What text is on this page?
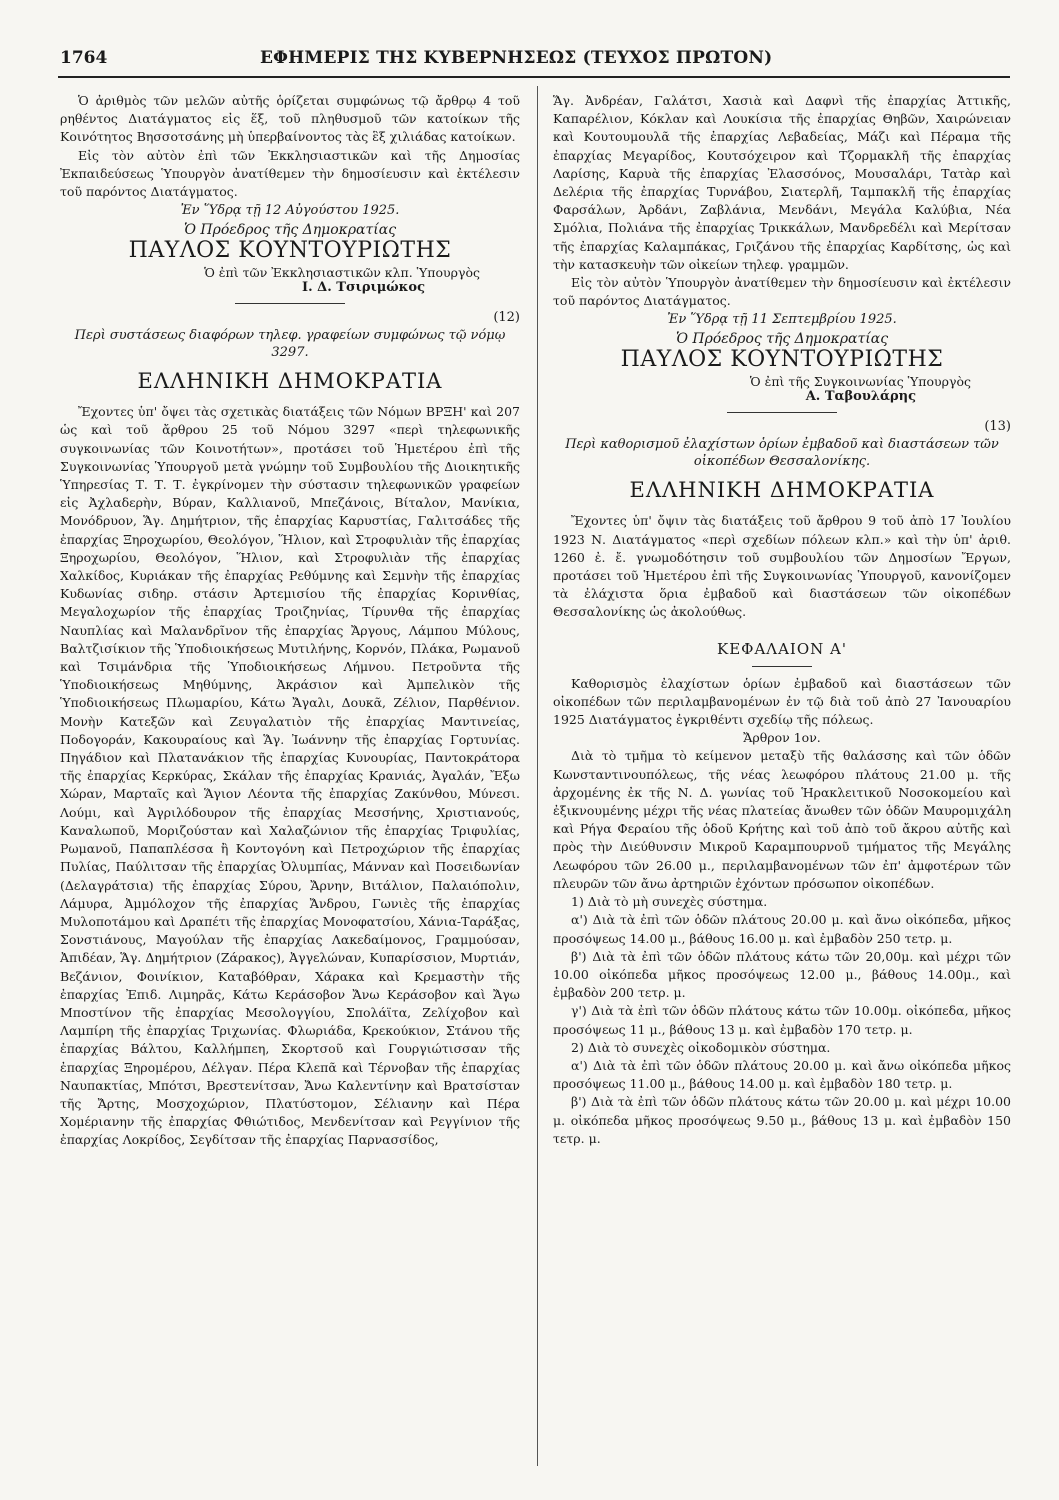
1764	ΕΦΗΜΕΡΙΣ ΤΗΣ ΚΥΒΕΡΝΗΣΕΩΣ (ΤΕΥΧΟΣ ΠΡΩΤΟΝ)

Ὁ ἀριθμὸς τῶν μελῶν αὐτῆς ὁρίζεται συμφώνως τῷ ἄρθρῳ 4 τοῦ ρηθέντος Διατάγματος εἰς ἕξ, τοῦ πληθυσμοῦ τῶν κατοίκων τῆς Κοινότητος Βησσοτσάνης μὴ ὑπερβαίνοντος τὰς ἓξ χιλιάδας κατοίκων.

Εἰς τὸν αὐτὸν ἐπὶ τῶν Ἐκκλησιαστικῶν καὶ τῆς Δημοσίας Ἐκπαιδεύσεως Ὑπουργὸν ἀνατίθεμεν τὴν δημοσίευσιν καὶ ἐκτέλεσιν τοῦ παρόντος Διατάγματος.

Ἐν Ὕδρᾳ τῇ 12 Αὐγούστου 1925.
Ὁ Πρόεδρος τῆς Δημοκρατίας
ΠΑΥΛΟΣ ΚΟΥΝΤΟΥΡΙΩΤΗΣ
Ὁ ἐπὶ τῶν Ἐκκλησιαστικῶν κλπ. Ὑπουργὸς
Ι. Δ. Τσιριμώκος
(12)
Περὶ συστάσεως διαφόρων τηλεφ. γραφείων συμφώνως τῷ νόμῳ 3297.
ΕΛΛΗΝΙΚΗ ΔΗΜΟΚΡΑΤΙΑ

Ἔχοντες ὑπ' ὄψει τὰς σχετικὰς διατάξεις τῶν Νόμων ΒΡΞΗ' καὶ 207 ὡς καὶ τοῦ ἄρθρου 25 τοῦ Νόμου 3297 «περὶ τηλεφωνικῆς συγκοινωνίας τῶν Κοινοτήτων», προτάσει τοῦ Ἡμετέρου ἐπὶ τῆς Συγκοινωνίας Ὑπουργοῦ μετὰ γνώμην τοῦ Συμβουλίου τῆς Διοικητικῆς Ὑπηρεσίας Τ. Τ. Τ. ἐγκρίνομεν τὴν σύστασιν τηλεφωνικῶν γραφείων εἰς Ἀχλαδερὴν, Βύραν, Καλλιανοῦ, Μπεζάνοις, Βίταλον, Μανίκια, Μονόδρυον, Ἅγ. Δημήτριον, τῆς ἐπαρχίας Καρυστίας, Γαλιτσάδες τῆς ἐπαρχίας Ξηροχωρίου, Θεολόγον, Ἥλιον, καὶ Στροφυλιὰν τῆς ἐπαρχίας Ξηροχωρίου, Θεολόγον, Ἥλιον, καὶ Στροφυλιὰν τῆς ἐπαρχίας Χαλκίδος, Κυριάκαν τῆς ἐπαρχίας Ρεθύμνης καὶ Σεμνὴν τῆς ἐπαρχίας Κυδωνίας σιδηρ. στάσιν Ἀρτεμισίου τῆς ἐπαρχίας Κορινθίας, Μεγαλοχωρίον τῆς ἐπαρχίας Τροιζηνίας, Τίρυνθα τῆς ἐπαρχίας Ναυπλίας καὶ Μαλανδρῖνον τῆς ἐπαρχίας Ἄργους, Λάμπου Μύλους, Βαλτζισίκιον τῆς Ὑποδιοικήσεως Μυτιλήνης, Κορνόν, Πλάκα, Ρωμανοῦ καὶ Τσιμάνδρια τῆς Ὑποδιοικήσεως Λήμνου. Πετροῦντα τῆς Ὑποδιοικήσεως Μηθύμνης, Ἀκράσιον καὶ Ἀμπελικὸν τῆς Ὑποδιοικήσεως Πλωμαρίου, Κάτω Ἄγαλι, Δουκᾶ, Ζέλιον, Παρθένιον. Μονὴν Κατεξῶν καὶ Ζευγαλατιὸν τῆς ἐπαρχίας Μαντινείας, Ποδογοράν, Κακουραίους καὶ Ἅγ. Ἰωάννην τῆς ἐπαρχίας Γορτυνίας. Πηγάδιον καὶ Πλατανάκιον τῆς ἐπαρχίας Κυνουρίας, Παντοκράτορα τῆς ἐπαρχίας Κερκύρας, Σκάλαν τῆς ἐπαρχίας Κρανιάς, Ἀγαλάν, Ἔξω Χώραν, Μαρταῖς καὶ Ἅγιον Λέοντα τῆς ἐπαρχίας Ζακύνθου, Μύνεσι. Λούμι, καὶ Ἀγριλόδουρον τῆς ἐπαρχίας Μεσσήνης, Χριστιανούς, Καναλωποῦ, Μοριζούσταν καὶ Χαλαζώνιον τῆς ἐπαρχίας Τριφυλίας, Ρωμανοῦ, Παπαπλέσσα ἢ Κοντογόνη καὶ Πετροχώριον τῆς ἐπαρχίας Πυλίας, Παύλιτσαν τῆς ἐπαρχίας Ὀλυμπίας, Μάνναν καὶ Ποσειδωνίαν (Δελαγράτσια) τῆς ἐπαρχίας Σύρου, Ἄρνην, Βιτάλιον, Παλαιόπολιν, Λάμυρα, Ἀμμόλοχον τῆς ἐπαρχίας Ἄνδρου, Γωνιὲς τῆς ἐπαρχίας Μυλοποτάμου καὶ Δραπέτι τῆς ἐπαρχίας Μονοφατσίου, Χάνια-Ταράξας, Σονστιάνους, Μαγούλαν τῆς ἐπαρχίας Λακεδαίμονος, Γραμμούσαν, Ἀπιδέαν, Ἅγ. Δημήτριον (Ζάρακος), Ἀγγελώναν, Κυπαρίσσιον, Μυρτιάν, Βεζάνιον, Φοινίκιον, Καταβόθραν, Χάρακα καὶ Κρεμαστὴν τῆς ἐπαρχίας Ἐπιδ. Λιμηρᾶς, Κάτω Κεράσοβον Ἄνω Κεράσοβον καὶ Ἄγω Μποστίνον τῆς ἐπαρχίας Μεσολογγίου, Σπολάϊτα, Ζελίχοβον καὶ Λαμπίρη τῆς ἐπαρχίας Τριχωνίας. Φλωριάδα, Κρεκούκιον, Στάνου τῆς ἐπαρχίας Βάλτου, Καλλήμπεη, Σκορτσοῦ καὶ Γουργιώτισσαν τῆς ἐπαρχίας Ξηρομέρου, Δέλγαν. Πέρα Κλεπᾶ καὶ Τέρνοβαν τῆς ἐπαρχίας Ναυπακτίας, Μπότσι, Βρεστενίτσαν, Ἄνω Καλεντίνην καὶ Βρατσίσταν τῆς Ἄρτης, Μοσχοχώριον, Πλατύστομον, Σέλιανην καὶ Πέρα Χομέριανην τῆς ἐπαρχίας Φθιώτιδος, Μενδενίτσαν καὶ Ρεγγίνιον τῆς ἐπαρχίας Λοκρίδος, Σεγδίτσαν τῆς ἐπαρχίας Παρνασσίδος,

Ἅγ. Ἀνδρέαν, Γαλάτσι, Χασιὰ καὶ Δαφνὶ τῆς ἐπαρχίας Ἀττικῆς, Καπαρέλιον, Κόκλαν καὶ Λουκίσια τῆς ἐπαρχίας Θηβῶν, Χαιρώνειαν καὶ Κουτουμουλᾶ τῆς ἐπαρχίας Λεβαδείας, Μάζι καὶ Πέραμα τῆς ἐπαρχίας Μεγαρίδος, Κουτσόχειρον καὶ Τζορμακλῆ τῆς ἐπαρχίας Λαρίσης, Καρυὰ τῆς ἐπαρχίας Ἐλασσόνος, Μουσαλάρι, Τατὰρ καὶ Δελέρια τῆς ἐπαρχίας Τυρνάβου, Σιατερλῆ, Ταμπακλῆ τῆς ἐπαρχίας Φαρσάλων, Ἀρδάνι, Ζαβλάνια, Μενδάνι, Μεγάλα Καλύβια, Νέα Σμόλια, Πολιάνα τῆς ἐπαρχίας Τρικκάλων, Μανδρεδέλι καὶ Μερίτσαν τῆς ἐπαρχίας Καλαμπάκας, Γριζάνου τῆς ἐπαρχίας Καρδίτσης, ὡς καὶ τὴν κατασκευὴν τῶν οἰκείων τηλεφ. γραμμῶν.

Εἰς τὸν αὐτὸν Ὑπουργὸν ἀνατίθεμεν τὴν δημοσίευσιν καὶ ἐκτέλεσιν τοῦ παρόντος Διατάγματος.

Ἐν Ὕδρᾳ τῇ 11 Σεπτεμβρίου 1925.
Ὁ Πρόεδρος τῆς Δημοκρατίας
ΠΑΥΛΟΣ ΚΟΥΝΤΟΥΡΙΩΤΗΣ
Ὁ ἐπὶ τῆς Συγκοινωνίας Ὑπουργὸς
Α. Ταβουλάρης
(13)
Περὶ καθορισμοῦ ἐλαχίστων ὁρίων ἐμβαδοῦ καὶ διαστάσεων τῶν οἰκοπέδων Θεσσαλονίκης.
ΕΛΛΗΝΙΚΗ ΔΗΜΟΚΡΑΤΙΑ

Ἔχοντες ὑπ' ὄψιν τὰς διατάξεις τοῦ ἄρθρου 9 τοῦ ἀπὸ 17 Ἰουλίου 1923 Ν. Διατάγματος «περὶ σχεδίων πόλεων κλπ.» καὶ τὴν ὑπ' ἀριθ. 1260 ἐ. ἔ. γνωμοδότησιν τοῦ συμβουλίου τῶν Δημοσίων Ἔργων, προτάσει τοῦ Ἡμετέρου ἐπὶ τῆς Συγκοινωνίας Ὑπουργοῦ, κανονίζομεν τὰ ἐλάχιστα ὅρια ἐμβαδοῦ καὶ διαστάσεων τῶν οἰκοπέδων Θεσσαλονίκης ὡς ἀκολούθως.

ΚΕΦΑΛΑΙΟΝ Α'

Καθορισμὸς ἐλαχίστων ὁρίων ἐμβαδοῦ καὶ διαστάσεων τῶν οἰκοπέδων τῶν περιλαμβανομένων ἐν τῷ διὰ τοῦ ἀπὸ 27 Ἰανουαρίου 1925 Διατάγματος ἐγκριθέντι σχεδίῳ τῆς πόλεως.

Ἄρθρον 1ον.

Διὰ τὸ τμῆμα τὸ κείμενον μεταξὺ τῆς θαλάσσης καὶ τῶν ὁδῶν Κωνσταντινουπόλεως, τῆς νέας λεωφόρου πλάτους 21.00 μ. τῆς ἀρχομένης ἐκ τῆς Ν. Δ. γωνίας τοῦ Ἡρακλειτικοῦ Νοσοκομείου καὶ ἐξικνουμένης μέχρι τῆς νέας πλατείας ἄνωθεν τῶν ὁδῶν Μαυρομιχάλη καὶ Ρήγα Φεραίου τῆς ὁδοῦ Κρήτης καὶ τοῦ ἀπὸ τοῦ ἄκρου αὐτῆς καὶ πρὸς τὴν Διεύθυνσιν Μικροῦ Καραμπουρνοῦ τμήματος τῆς Μεγάλης Λεωφόρου τῶν 26.00 μ., περιλαμβανομένων τῶν ἐπ' ἀμφοτέρων τῶν πλευρῶν τῶν ἄνω ἀρτηριῶν ἐχόντων πρόσωπον οἰκοπέδων.

1) Διὰ τὸ μὴ συνεχὲς σύστημα.

α') Διὰ τὰ ἐπὶ τῶν ὁδῶν πλάτους 20.00 μ. καὶ ἄνω οἰκόπεδα, μῆκος προσόψεως 14.00 μ., βάθους 16.00 μ. καὶ ἐμβαδὸν 250 τετρ. μ.

β') Διὰ τὰ ἐπὶ τῶν ὁδῶν πλάτους κάτω τῶν 20,00μ. καὶ μέχρι τῶν 10.00 οἰκόπεδα μῆκος προσόψεως 12.00 μ., βάθους 14.00μ., καὶ ἐμβαδὸν 200 τετρ. μ.

γ') Διὰ τὰ ἐπὶ τῶν ὁδῶν πλάτους κάτω τῶν 10.00μ. οἰκόπεδα, μῆκος προσόψεως 11 μ., βάθους 13 μ. καὶ ἐμβαδὸν 170 τετρ. μ.

2) Διὰ τὸ συνεχὲς οἰκοδομικὸν σύστημα.

α') Διὰ τὰ ἐπὶ τῶν ὁδῶν πλάτους 20.00 μ. καὶ ἄνω οἰκόπεδα μῆκος προσόψεως 11.00 μ., βάθους 14.00 μ. καὶ ἐμβαδὸν 180 τετρ. μ.

β') Διὰ τὰ ἐπὶ τῶν ὁδῶν πλάτους κάτω τῶν 20.00 μ. καὶ μέχρι 10.00 μ. οἰκόπεδα μῆκος προσόψεως 9.50 μ., βάθους 13 μ. καὶ ἐμβαδὸν 150 τετρ. μ.
